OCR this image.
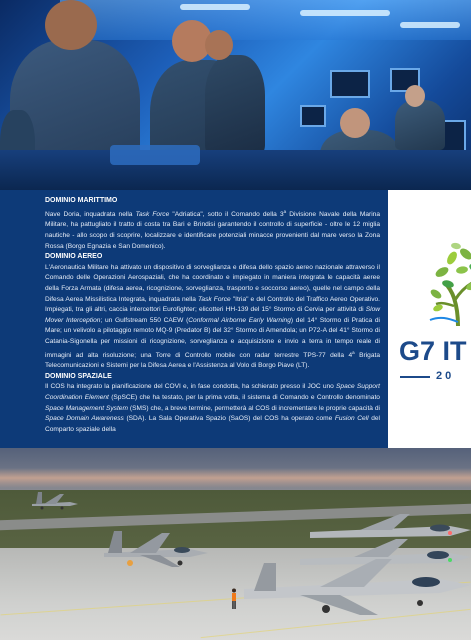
DOMINIO MARITTIMO
Nave Doria, inquadrata nella Task Force "Adriatica", sotto il Comando della 3$^a$ Divisione Navale della Marina Militare, ha pattugliato il tratto di costa tra Bari e Brindisi garantendo il controllo di superficie - oltre le 12 miglia nautiche - allo scopo di scoprire, localizzare e identificare potenziali minacce provenienti dal mare verso la Zona Rossa (Borgo Egnazia e San Domenico).
DOMINIO AEREO
L'Aeronautica Militare ha attivato un dispositivo di sorveglianza e difesa dello spazio aereo nazionale attraverso il Comando delle Operazioni Aerospaziali, che ha coordinato e impiegato in maniera integrata le capacità aeree della Forza Armata (difesa aerea, ricognizione, sorveglianza, trasporto e soccorso aereo), quelle nel campo della Difesa Aerea Missilistica Integrata, inquadrata nella Task Force "Itria" e del Controllo del Traffico Aereo Operativo. Impiegati, tra gli altri, caccia intercettori Eurofighter; elicotteri HH-139 del 15° Stormo di Cervia per attività di Slow Mover Interception; un Gulfstream 550 CAEW (Conformal Airborne Early Warning) del 14° Stormo di Pratica di Mare; un velivolo a pilotaggio remoto MQ-9 (Predator B) del 32° Stormo di Amendola; un P72-A del 41° Stormo di Catania-Sigonella per missioni di ricognizione, sorveglianza e acquisizione e invio a terra in tempo reale di immagini ad alta risoluzione; una Torre di Controllo mobile con radar terrestre TPS-77 della 4$^a$ Brigata Telecomunicazioni e Sistemi per la Difesa Aerea e l'Assistenza al Volo di Borgo Piave (LT).
DOMINIO SPAZIALE
Il COS ha integrato la pianificazione del COVI e, in fase condotta, ha schierato presso il JOC uno Space Support Coordination Element (SpSCE) che ha testato, per la prima volta, il sistema di Comando e Controllo denominato Space Management System (SMS) che, a breve termine, permetterà al COS di incrementare le proprie capacità di Space Domain Awareness (SDA). La Sala Operativa Spazio (SaOS) del COS ha operato come Fusion Cell del Comparto spaziale della
G7 IT
20
